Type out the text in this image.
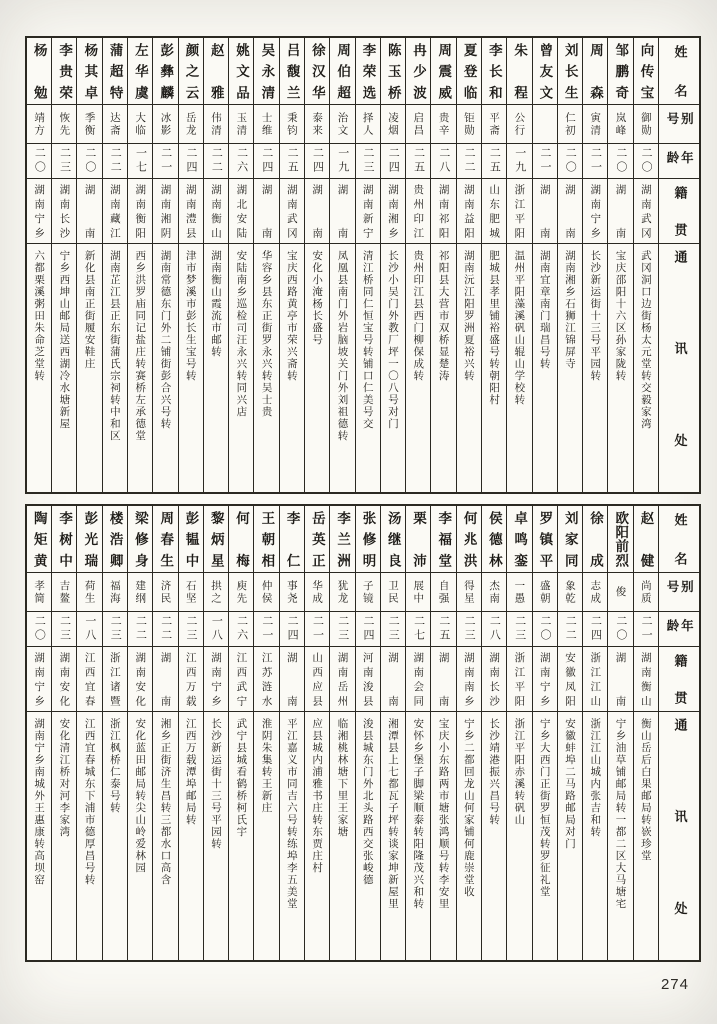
姓名
别号
年龄
籍贯
通讯处
向传宝
御勋
二〇
湖南武冈
武冈洞口边街杨太元堂转交毅家湾
邹鹏奇
岚峰
二〇
湖南
宝庆邵阳十六区孙家陇转
周森
寅清
二一
湖南宁乡
长沙新运街十三号平园转
刘长生
仁初
二〇
湖南
湖南湘乡石狮江锦屏寺
曾友文
二一
湖南
湖南宜章南门瑞昌号转
朱程
公行
一九
浙江平阳
温州平阳藻溪矾山辊山学校转
李长和
平斋
二五
山东肥城
肥城县孝里铺裕盛号转朝阳村
夏登临
钜勋
二二
湖南益阳
湖南沅江阳罗洲夏裕兴转
周震威
贵辛
二八
湖南祁阳
祁阳县大营市双桥显楚涛
冉少波
启昌
二五
贵州印江
贵州印江县西门柳保成转
陈玉桥
凌烟
二四
湖南湘乡
长沙小吴门外教厂坪一〇八号对门
李荣选
择人
二三
湖南新宁
清江桥同仁恒宝号转铺口仁美号交
周伯超
治文
一九
湖南
凤凰县南门外岩脑坡关门外刘祖德转
徐汉华
泰来
二四
湖南
安化小淹杨长盛号
吕馥兰
秉钧
二五
湖南武冈
宝庆西路黄亭市荣兴斋转
吴永清
士维
二四
湖南
华容乡县东正街罗永兴转吴士贵
姚文品
玉清
二六
湖北安陆
安陆南乡巡检司汪永兴转同兴店
赵雅
伟清
二二
湖南衡山
湖南衡山霞流市邮转
颜之云
岳龙
二四
湖南澧县
津市梦溪市彭长生宝号转
彭彝麟
冰影
二一
湖南湘阴
湖南常德东门外二铺街彭合兴号转
左华虞
大临
一七
湖南衡阳
西乡洪罗庙同记盐庄转赛桥左承德堂
蒲超特
达斋
二二
湖南藏江
湖南芷江县正东街蒲氏宗祠转中和区
杨其卓
季衡
二〇
湖南
新化县南正街履安鞋庄
李贵荣
恢先
二三
湖南长沙
宁乡西坤山邮局送西湖冷水塘新屋
杨勉
靖方
二〇
湖南宁乡
六都栗溪粥田朱命芝堂转
姓名
别号
年龄
籍贯
通讯处
赵健
尚质
二一
湖南衡山
衡山岳后白果邮局转嵚珍堂
欧阳前烈
俊
二〇
湖南
宁乡油草铺邮局转一都二区大马塘宅
徐成
志成
二四
浙江江山
浙江江山城内张吉和转
刘家同
象乾
二二
安徽凤阳
安徽蚌埠二马路邮局对门
罗镇平
盛朝
二〇
湖南宁乡
宁乡大西门正街罗恒茂转罗征礼堂
卓鸣銮
一愚
二三
浙江平阳
浙江平阳赤溪转矾山
侯德林
杰南
二八
湖南长沙
长沙靖港振兴昌号转
何兆洪
得星
二三
湖南南乡
宁乡二都回龙山何家铺何鹿崇堂收
李福堂
自强
二五
湖南
宝庆小东路两市塘张鸿顺号转李安里
栗沛
展中
二七
湖南会同
安怀乡堡子脚梁顺泰转阳隆茂兴和转
汤继良
卫民
二三
湖南
湘潭县上七都瓦子坪转谈家坤新屋里
张修明
子镜
二四
河南浚县
浚县城东门外北头路西交张峻德
李兰洲
犹龙
二三
湖南岳州
临湘桃林塘下里王家塘
岳英正
华成
二一
山西应县
应县城内浦雅书庄转东贾庄村
李仁
事尧
二四
湖南
平江嘉义市同吉六号转练埠李五美堂
王朝相
仲侯
二一
江苏涟水
淮阴朱集转王新庄
何梅
庾先
二六
江西武宁
武宁县城看鹤桥柯氏宇
黎炳星
拱之
一八
湖南宁乡
长沙新运街十三号平园转
彭韫中
石坚
二三
江西万载
江西万载潭埠邮局转
周春生
济民
二二
湖南
湘乡正街济生昌转三都水口高含
梁修身
建纲
二二
湖南安化
安化蓝田邮局转尖山岭爱林园
楼浩卿
福海
二三
浙江诸暨
浙江枫桥仁泰号转
彭光瑞
荷生
一八
江西宜春
江西宜春城东下浦市德厚昌号转
李树中
吉鳌
二三
湖南安化
安化清江桥对河李家湾
陶矩黄
孝简
二〇
湖南宁乡
湖南宁乡南城外王惠康转高坝窑
274
